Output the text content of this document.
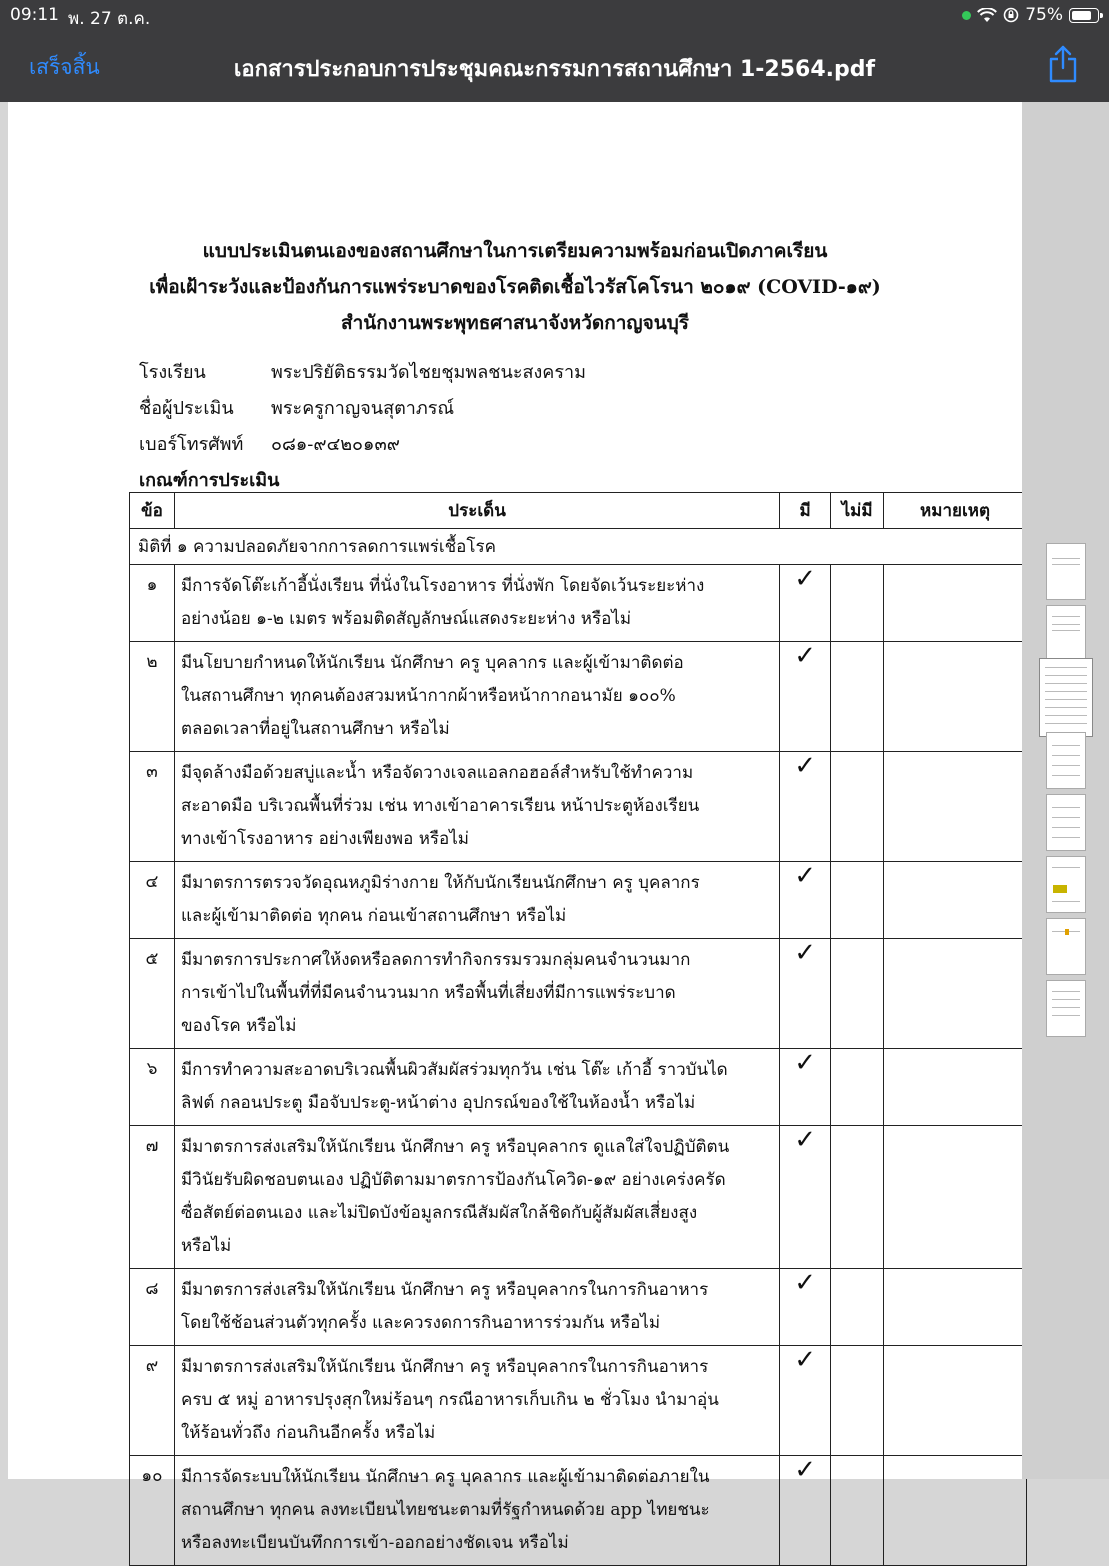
09:11 พ. 27 ต.ค.	75%
เสร็จสิ้น	เอกสารประกอบการประชุมคณะกรรมการสถานศึกษา 1-2564.pdf
แบบประเมินตนเองของสถานศึกษาในการเตรียมความพร้อมก่อนเปิดภาคเรียน
เพื่อเฝ้าระวังและป้องกันการแพร่ระบาดของโรคติดเชื้อไวรัสโคโรนา ๒๐๑๙ (COVID-๑๙)
สำนักงานพระพุทธศาสนาจังหวัดกาญจนบุรี
โรงเรียน	พระปริยัติธรรมวัดไชยชุมพลชนะสงคราม
ชื่อผู้ประเมิน พระครูกาญจนสุตาภรณ์
เบอร์โทรศัพท์ ๐๘๑-๙๔๒๐๑๓๙
เกณฑ์การประเมิน
ข้อ	ประเด็น	มี	ไม่มี	หมายเหตุ
มิติที่ ๑ ความปลอดภัยจากการลดการแพร่เชื้อโรค				
๑	มีการจัดโต๊ะเก้าอี้นั่งเรียน ที่นั่งในโรงอาหาร ที่นั่งพัก โดยจัดเว้นระยะห่าง
อย่างน้อย ๑-๒ เมตร พร้อมติดสัญลักษณ์แสดงระยะห่าง หรือไม่	✓		
๒	มีนโยบายกำหนดให้นักเรียน นักศึกษา ครู บุคลากร และผู้เข้ามาติดต่อ
ในสถานศึกษา ทุกคนต้องสวมหน้ากากผ้าหรือหน้ากากอนามัย ๑๐๐%
ตลอดเวลาที่อยู่ในสถานศึกษา หรือไม่	✓		
๓	มีจุดล้างมือด้วยสบู่และน้ำ หรือจัดวางเจลแอลกอฮอล์สำหรับใช้ทำความ
สะอาดมือ บริเวณพื้นที่ร่วม เช่น ทางเข้าอาคารเรียน หน้าประตูห้องเรียน
ทางเข้าโรงอาหาร อย่างเพียงพอ หรือไม่	✓		
๔	มีมาตรการตรวจวัดอุณหภูมิร่างกาย ให้กับนักเรียนนักศึกษา ครู บุคลากร
และผู้เข้ามาติดต่อ ทุกคน ก่อนเข้าสถานศึกษา หรือไม่	✓		
๕	มีมาตรการประกาศให้งดหรือลดการทำกิจกรรมรวมกลุ่มคนจำนวนมาก
การเข้าไปในพื้นที่ที่มีคนจำนวนมาก หรือพื้นที่เสี่ยงที่มีการแพร่ระบาด
ของโรค หรือไม่	✓		
๖	มีการทำความสะอาดบริเวณพื้นผิวสัมผัสร่วมทุกวัน เช่น โต๊ะ เก้าอี้ ราวบันได
ลิฟต์ กลอนประตู มือจับประตู-หน้าต่าง อุปกรณ์ของใช้ในห้องน้ำ หรือไม่	✓		
๗	มีมาตรการส่งเสริมให้นักเรียน นักศึกษา ครู หรือบุคลากร ดูแลใส่ใจปฏิบัติตน
มีวินัยรับผิดชอบตนเอง ปฏิบัติตามมาตรการป้องกันโควิด-๑๙ อย่างเคร่งครัด
ซื่อสัตย์ต่อตนเอง และไม่ปิดบังข้อมูลกรณีสัมผัสใกล้ชิดกับผู้สัมผัสเสี่ยงสูง
หรือไม่	✓		
๘	มีมาตรการส่งเสริมให้นักเรียน นักศึกษา ครู หรือบุคลากรในการกินอาหาร
โดยใช้ช้อนส่วนตัวทุกครั้ง และควรงดการกินอาหารร่วมกัน หรือไม่	✓		
๙	มีมาตรการส่งเสริมให้นักเรียน นักศึกษา ครู หรือบุคลากรในการกินอาหาร
ครบ ๕ หมู่ อาหารปรุงสุกใหม่ร้อนๆ กรณีอาหารเก็บเกิน ๒ ชั่วโมง นำมาอุ่น
ให้ร้อนทั่วถึง ก่อนกินอีกครั้ง หรือไม่	✓		
๑๐	มีการจัดระบบให้นักเรียน นักศึกษา ครู บุคลากร และผู้เข้ามาติดต่อภายใน
สถานศึกษา ทุกคน ลงทะเบียนไทยชนะตามที่รัฐกำหนดด้วย app ไทยชนะ
หรือลงทะเบียนบันทึกการเข้า-ออกอย่างชัดเจน หรือไม่	✓		
